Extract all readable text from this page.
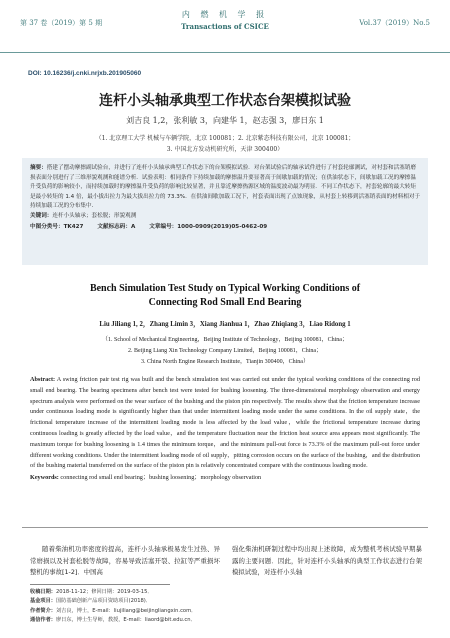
第 37 卷（2019）第 5 期
内 燃 机 学 报
Transactions of CSICE	Vol.37（2019）No.5
DOI: 10.16236/j.cnki.nrjxb.201905060
连杆小头轴承典型工作状态台架模拟试验
刘吉良 1,2，张利敏 3，向建华 1，赵志强 3，廖日东 1
（1. 北京理工大学 机械与车辆学院，北京 100081；2. 北京紫态科技有限公司，北京 100081；
3. 中国北方发动机研究所，天津 300400）
摘要：搭建了摆动摩擦副试验台，并进行了连杆小头轴承典型工作状态下的台架模拟试验．对台架试验后的轴承试件进行了衬套轮廓测试，对衬套和活塞销磨损表面分别进行了三维形貌观测和能谱分析．试验表明：相同条件下持续加载的摩擦温升要显著高于间歇加载的情况；在供油状态下，间歇加载工况的摩擦温升受负荷的影响较小，而持续加载时的摩擦温升受负荷的影响比较显著，并且靠近摩擦热源区域的温度波动最为明显．不同工作状态下，衬套轮廓的最大转矩是最小转矩的 1.4 倍，最小拔出拉力为最大拔出拉力的 73.3%．在供油间歇加载工况下，衬套表面出现了点蚀现象，从衬套上转移到活塞销表面的材料相对于持续加载工况的分布集中．
关键词：连杆小头轴承；套松脱；形貌观测
中图分类号：TK427	文献标志码：A	文章编号：1000-0909(2019)05-0462-09
Bench Simulation Test Study on Typical Working Conditions of
Connecting Rod Small End Bearing
Liu Jiliang 1, 2，Zhang Limin 3，Xiang Jianhua 1，Zhao Zhiqiang 3，Liao Ridong 1
（1. School of Mechanical Engineering，Beijing Institute of Technology，Beijing 100081，China；
2. Beijing Liang Xin Technology Company Limited，Beijing 100081，China；
3. China North Engine Research Institute，Tianjin 300400，China）
Abstract: A swing friction pair test rig was built and the bench simulation test was carried out under the typical working conditions of the connecting rod small end bearing. The bearing specimens after bench test were tested for bushing loosening. The three-dimensional morphology observation and energy spectrum analysis were performed on the wear surface of the bushing and the piston pin respectively. The results show that the friction temperature increase under continuous loading mode is significantly higher than that under intermittent loading mode under the same conditions. In the oil supply state，the frictional temperature increase of the intermittent loading mode is less affected by the load value，while the frictional temperature increase during continuous loading is greatly affected by the load value，and the temperature fluctuation near the friction heat source area appears most significantly. The maximum torque for bushing loosening is 1.4 times the minimum torque，and the minimum pull-out force is 73.3% of the maximum pull-out force under different working conditions. Under the intermittent loading mode of oil supply，pitting corrosion occurs on the surface of the bushing，and the distribution of the bushing material transferred on the surface of the piston pin is relatively concentrated compare with the continuous loading mode.
Keywords: connecting rod small end bearing；bushing loosening；morphology observation
随着柴油机功率密度的提高，连杆小头轴承极易发生过热、异常磨损以及衬套松脱等故障，容易导致活塞开裂、拉缸等严重损坏整机的事故[1-2]．中国高
强化柴油机研制过程中均出现上述故障，成为整机考核试验早期暴露的主要问题．因此，针对连杆小头轴承的典型工作状态进行台架模拟试验，对连杆小头轴
收稿日期：2018-11-12；修回日期：2019-03-15．
基金项目：国防基础创新产品项目资助项目(2018)．
作者简介：刘吉良，博士，E-mail：liujiliang@beijingliangxin.com．
通信作者：廖日东，博士生导师，教授，E-mail：liaord@bit.edu.cn．
